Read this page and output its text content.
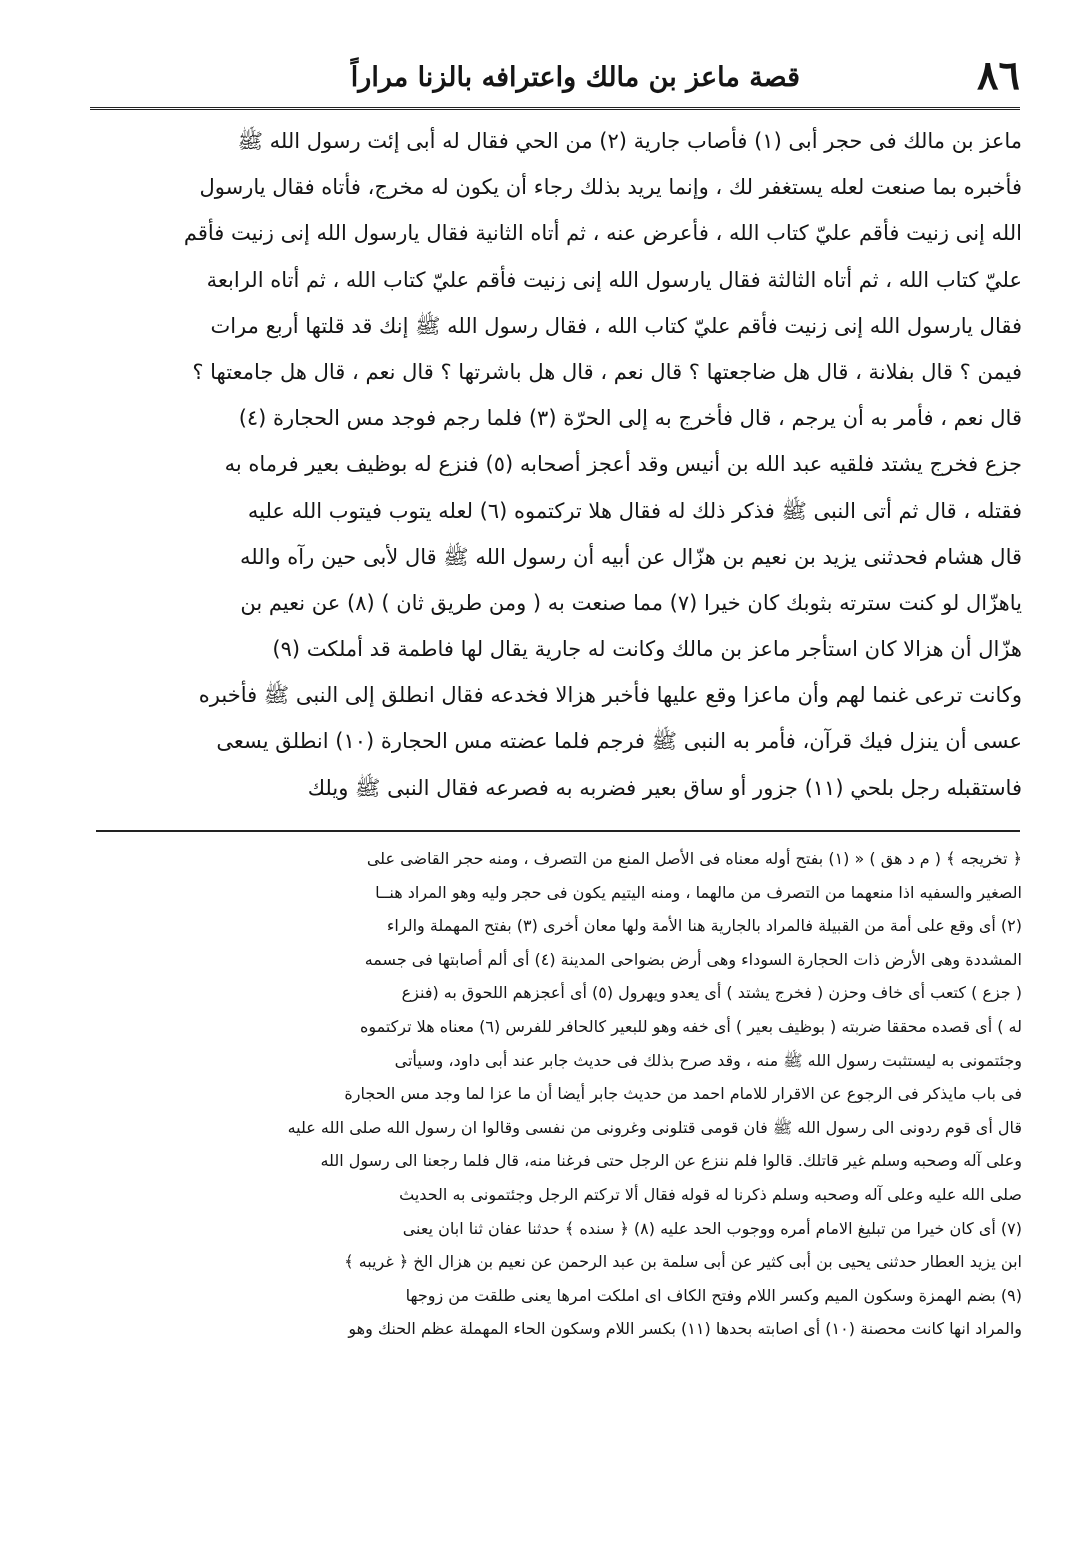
٨٦
قصة ماعز بن مالك واعترافه بالزنا مراراً
ماعز بن مالك فى حجر أبى (١) فأصاب جارية (٢) من الحي فقال له أبى إئت رسول الله ﷺ
فأخبره بما صنعت لعله يستغفر لك ، وإنما يريد بذلك رجاء أن يكون له مخرج، فأتاه فقال يارسول
الله إنى زنيت فأقم عليّ كتاب الله ، فأعرض عنه ، ثم أتاه الثانية فقال يارسول الله إنى زنيت فأقم
عليّ كتاب الله ، ثم أتاه الثالثة فقال يارسول الله إنى زنيت فأقم عليّ كتاب الله ، ثم أتاه الرابعة
فقال يارسول الله إنى زنيت فأقم عليّ كتاب الله ، فقال رسول الله ﷺ إنك قد قلتها أربع مرات
فيمن ؟ قال بفلانة ، قال هل ضاجعتها ؟ قال نعم ، قال هل باشرتها ؟ قال نعم ، قال هل جامعتها ؟
قال نعم ، فأمر به أن يرجم ، قال فأخرج به إلى الحرّة (٣) فلما رجم فوجد مس الحجارة (٤)
جزع فخرج يشتد فلقيه عبد الله بن أنيس وقد أعجز أصحابه (٥) فنزع له بوظيف بعير فرماه به
فقتله ، قال ثم أتى النبى ﷺ فذكر ذلك له فقال هلا تركتموه (٦) لعله يتوب فيتوب الله عليه
قال هشام فحدثنى يزيد بن نعيم بن هزّال عن أبيه أن رسول الله ﷺ قال لأبى حين رآه والله
ياهزّال لو كنت سترته بثوبك كان خيرا (٧) مما صنعت به ( ومن طريق ثان ) (٨) عن نعيم بن
هزّال أن هزالا كان استأجر ماعز بن مالك وكانت له جارية يقال لها فاطمة قد أملكت (٩)
وكانت ترعى غنما لهم وأن ماعزا وقع عليها فأخبر هزالا فخدعه فقال انطلق إلى النبى ﷺ فأخبره
عسى أن ينزل فيك قرآن، فأمر به النبى ﷺ فرجم فلما عضته مس الحجارة (١٠) انطلق يسعى
فاستقبله رجل بلحي (١١) جزور أو ساق بعير فضربه به فصرعه فقال النبى ﷺ ويلك
﴿ تخريجه ﴾ ( م د هق ) « (١) بفتح أوله معناه فى الأصل المنع من التصرف ، ومنه حجر القاضى على
الصغير والسفيه اذا منعهما من التصرف من مالهما ، ومنه اليتيم يكون فى حجر وليه وهو المراد هنــا
(٢) أى وقع على أمة من القبيلة فالمراد بالجارية هنا الأمة ولها معان أخرى (٣) بفتح المهملة والراء
المشددة وهى الأرض ذات الحجارة السوداء وهى أرض بضواحى المدينة (٤) أى ألم أصابتها فى جسمه
( جزع ) كتعب أى خاف وحزن ( فخرج يشتد ) أى يعدو ويهرول (٥) أى أعجزهم اللحوق به (فنزع
له ) أى قصده محققا ضربته ( بوظيف بعير ) أى خفه وهو للبعير كالحافر للفرس (٦) معناه هلا تركتموه
وجئتمونى به ليستثبت رسول الله ﷺ منه ، وقد صرح بذلك فى حديث جابر عند أبى داود، وسيأتى
فى باب مايذكر فى الرجوع عن الاقرار للامام احمد من حديث جابر أيضا أن ما عزا لما وجد مس الحجارة
قال أى قوم ردونى الى رسول الله ﷺ فان قومى قتلونى وغرونى من نفسى وقالوا ان رسول الله صلى الله عليه
وعلى آله وصحبه وسلم غير قاتلك. قالوا فلم ننزع عن الرجل حتى فرغنا منه، قال فلما رجعنا الى رسول الله
صلى الله عليه وعلى آله وصحبه وسلم ذكرنا له قوله فقال ألا تركتم الرجل وجئتمونى به الحديث
(٧) أى كان خيرا من تبليغ الامام أمره ووجوب الحد عليه (٨) ﴿ سنده ﴾ حدثنا عفان ثنا ابان يعنى
ابن يزيد العطار حدثنى يحيى بن أبى كثير عن أبى سلمة بن عبد الرحمن عن نعيم بن هزال الخ ﴿ غريبه ﴾
(٩) بضم الهمزة وسكون الميم وكسر اللام وفتح الكاف اى املكت امرها يعنى طلقت من زوجها
والمراد انها كانت محصنة (١٠) أى اصابته بحدها (١١) بكسر اللام وسكون الحاء المهملة عظم الحنك وهو
